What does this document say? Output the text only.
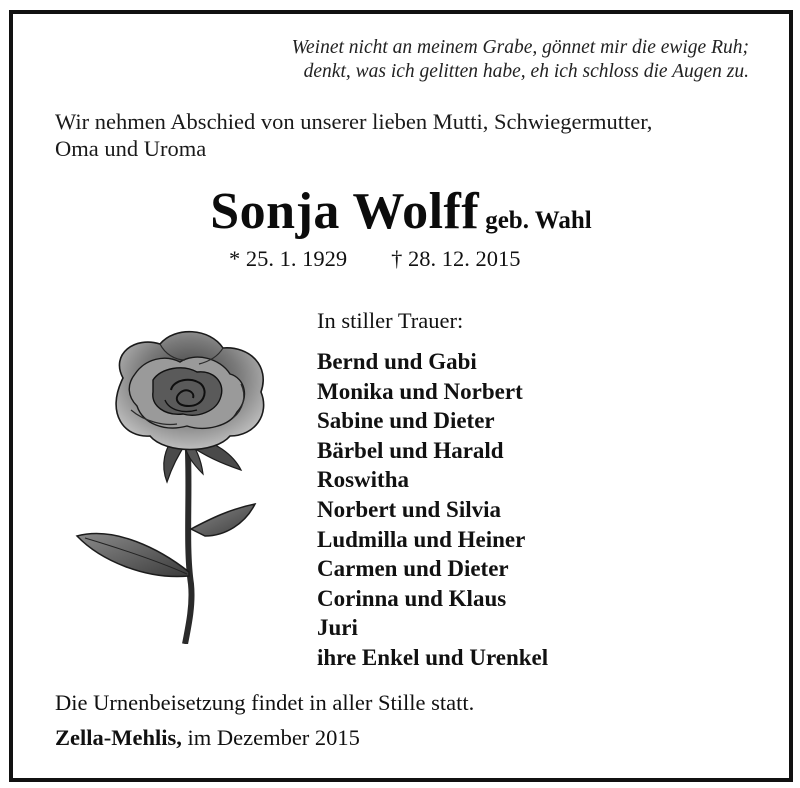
Weinet nicht an meinem Grabe, gönnet mir die ewige Ruh;
denkt, was ich gelitten habe, eh ich schloss die Augen zu.
Wir nehmen Abschied von unserer lieben Mutti, Schwiegermutter,
Oma und Uroma
Sonja Wolff geb. Wahl
* 25. 1. 1929 † 28. 12. 2015
In stiller Trauer:
Bernd und Gabi
Monika und Norbert
Sabine und Dieter
Bärbel und Harald
Roswitha
Norbert und Silvia
Ludmilla und Heiner
Carmen und Dieter
Corinna und Klaus
Juri
ihre Enkel und Urenkel
Die Urnenbeisetzung findet in aller Stille statt.
Zella-Mehlis, im Dezember 2015
